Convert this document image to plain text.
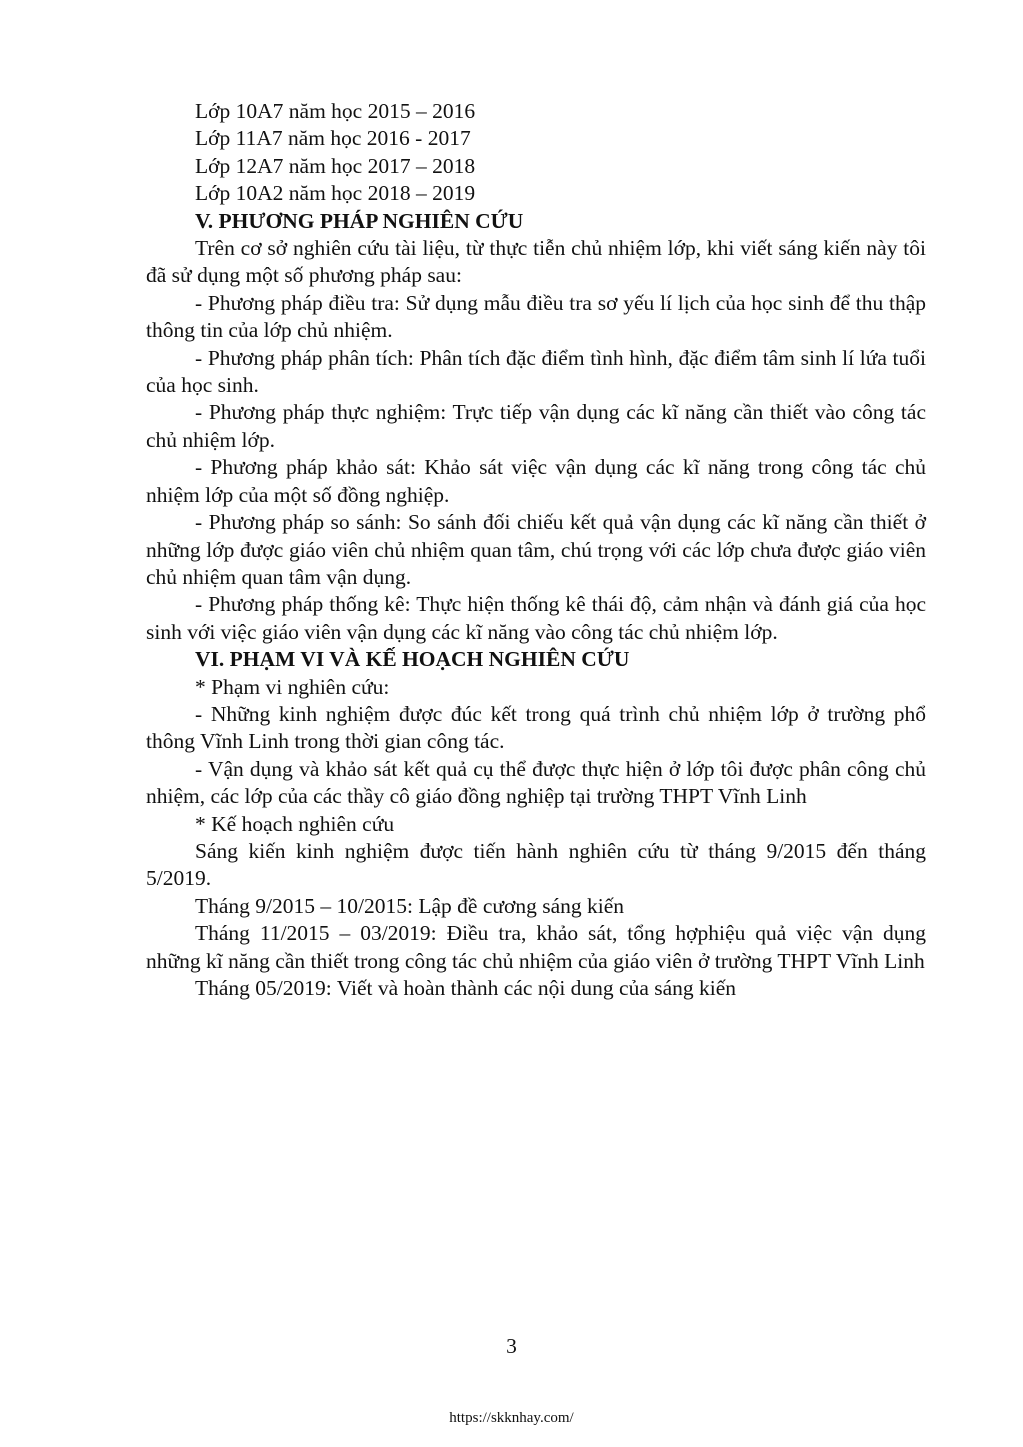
Lớp 10A7 năm học 2015 – 2016
Lớp 11A7 năm học 2016 - 2017
Lớp 12A7 năm học 2017 – 2018
Lớp 10A2 năm học 2018 – 2019
V. PHƯƠNG PHÁP NGHIÊN CỨU

Trên cơ sở nghiên cứu tài liệu, từ thực tiễn chủ nhiệm lớp, khi viết sáng kiến này tôi đã sử dụng một số phương pháp sau:

- Phương pháp điều tra: Sử dụng mẫu điều tra sơ yếu lí lịch của học sinh để thu thập thông tin của lớp chủ nhiệm.

- Phương pháp phân tích: Phân tích đặc điểm tình hình, đặc điểm tâm sinh lí lứa tuổi của học sinh.

- Phương pháp thực nghiệm: Trực tiếp vận dụng các kĩ năng cần thiết vào công tác chủ nhiệm lớp.

- Phương pháp khảo sát: Khảo sát việc vận dụng các kĩ năng trong công tác chủ nhiệm lớp của một số đồng nghiệp.

- Phương pháp so sánh: So sánh đối chiếu kết quả vận dụng các kĩ năng cần thiết ở những lớp được giáo viên chủ nhiệm quan tâm, chú trọng với các lớp chưa được giáo viên chủ nhiệm quan tâm vận dụng.

- Phương pháp thống kê: Thực hiện thống kê thái độ, cảm nhận và đánh giá của học sinh với việc giáo viên vận dụng các kĩ năng vào công tác chủ nhiệm lớp.

VI. PHẠM VI VÀ KẾ HOẠCH NGHIÊN CỨU

* Phạm vi nghiên cứu:

- Những kinh nghiệm được đúc kết trong quá trình chủ nhiệm lớp ở trường phổ thông Vĩnh Linh trong thời gian công tác.

- Vận dụng và khảo sát kết quả cụ thể được thực hiện ở lớp tôi được phân công chủ nhiệm, các lớp của các thầy cô giáo đồng nghiệp tại trường THPT Vĩnh Linh

* Kế hoạch nghiên cứu

Sáng kiến kinh nghiệm được tiến hành nghiên cứu từ tháng 9/2015 đến tháng 5/2019.

Tháng 9/2015 – 10/2015: Lập đề cương sáng kiến

Tháng 11/2015 – 03/2019: Điều tra, khảo sát, tổng hợphiệu quả việc vận dụng những kĩ năng cần thiết trong công tác chủ nhiệm của giáo viên ở trường THPT Vĩnh Linh

Tháng 05/2019: Viết và hoàn thành các nội dung của sáng kiến

3
https://skknhay.com/
